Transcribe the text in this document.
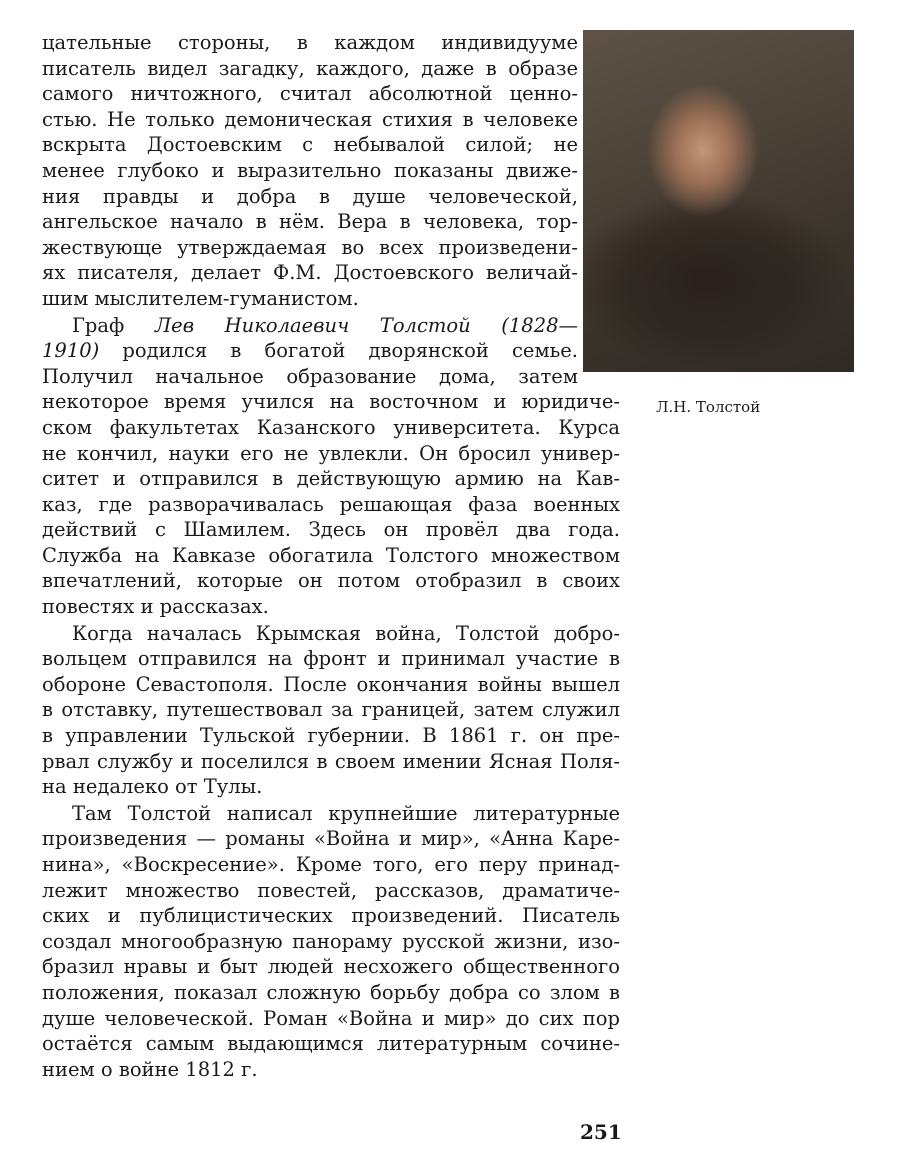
цательные стороны, в каждом индивидууме
писатель видел загадку, каждого, даже в образе
самого ничтожного, считал абсолютной ценно-
стью. Не только демоническая стихия в человеке
вскрыта Достоевским с небывалой силой; не
менее глубоко и выразительно показаны движе-
ния правды и добра в душе человеческой,
ангельское начало в нём. Вера в человека, тор-
жествующе утверждаемая во всех произведени-
ях писателя, делает Ф.М. Достоевского величай-
шим мыслителем-гуманистом.
Граф Лев Николаевич Толстой (1828—
1910) родился в богатой дворянской семье.
Получил начальное образование дома, затем
некоторое время учился на восточном и юридиче-
ском факультетах Казанского университета. Курса
не кончил, науки его не увлекли. Он бросил универ-
ситет и отправился в действующую армию на Кав-
каз, где разворачивалась решающая фаза военных
действий с Шамилем. Здесь он провёл два года.
Служба на Кавказе обогатила Толстого множеством
впечатлений, которые он потом отобразил в своих
повестях и рассказах.
Когда началась Крымская война, Толстой добро-
вольцем отправился на фронт и принимал участие в
обороне Севастополя. После окончания войны вышел
в отставку, путешествовал за границей, затем служил
в управлении Тульской губернии. В 1861 г. он пре-
рвал службу и поселился в своем имении Ясная Поля-
на недалеко от Тулы.
Там Толстой написал крупнейшие литературные
произведения — романы «Война и мир», «Анна Каре-
нина», «Воскресение». Кроме того, его перу принад-
лежит множество повестей, рассказов, драматиче-
ских и публицистических произведений. Писатель
создал многообразную панораму русской жизни, изо-
бразил нравы и быт людей несхожего общественного
положения, показал сложную борьбу добра со злом в
душе человеческой. Роман «Война и мир» до сих пор
остаётся самым выдающимся литературным сочине-
нием о войне 1812 г.
Л.Н. Толстой
251
